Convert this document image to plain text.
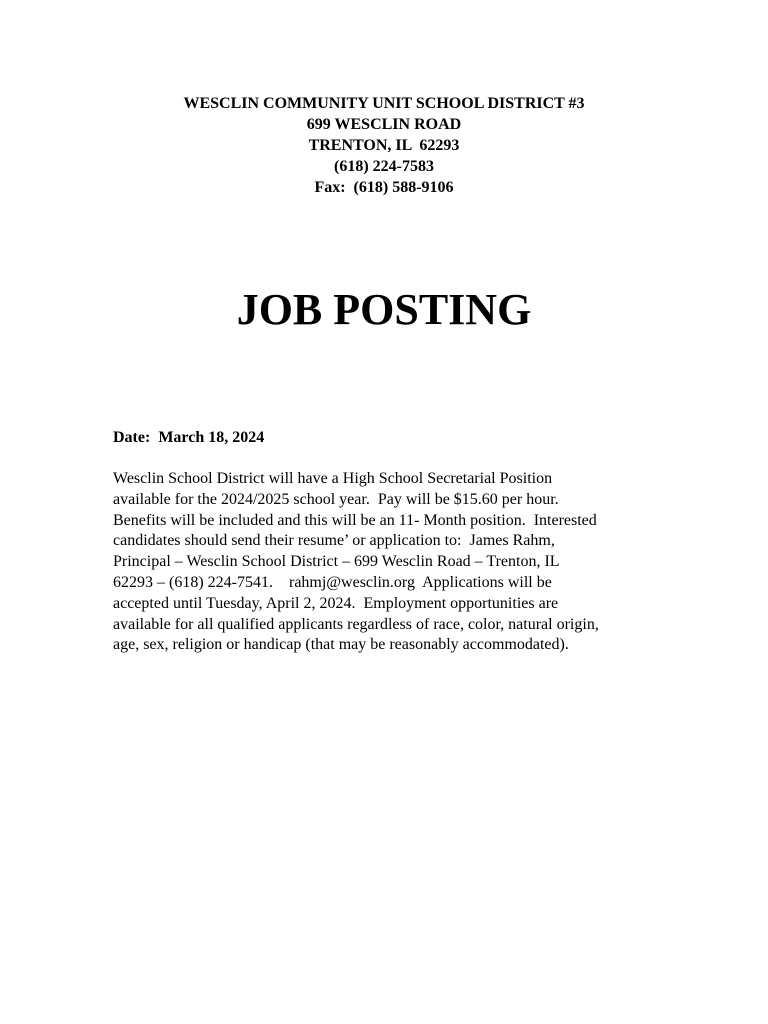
WESCLIN COMMUNITY UNIT SCHOOL DISTRICT #3
699 WESCLIN ROAD
TRENTON, IL  62293
(618) 224-7583
Fax:  (618) 588-9106
JOB POSTING
Date:  March 18, 2024
Wesclin School District will have a High School Secretarial Position
available for the 2024/2025 school year.  Pay will be $15.60 per hour.
Benefits will be included and this will be an 11- Month position.  Interested
candidates should send their resume’ or application to:  James Rahm,
Principal – Wesclin School District – 699 Wesclin Road – Trenton, IL
62293 – (618) 224-7541.    rahmj@wesclin.org  Applications will be
accepted until Tuesday, April 2, 2024.  Employment opportunities are
available for all qualified applicants regardless of race, color, natural origin,
age, sex, religion or handicap (that may be reasonably accommodated).
